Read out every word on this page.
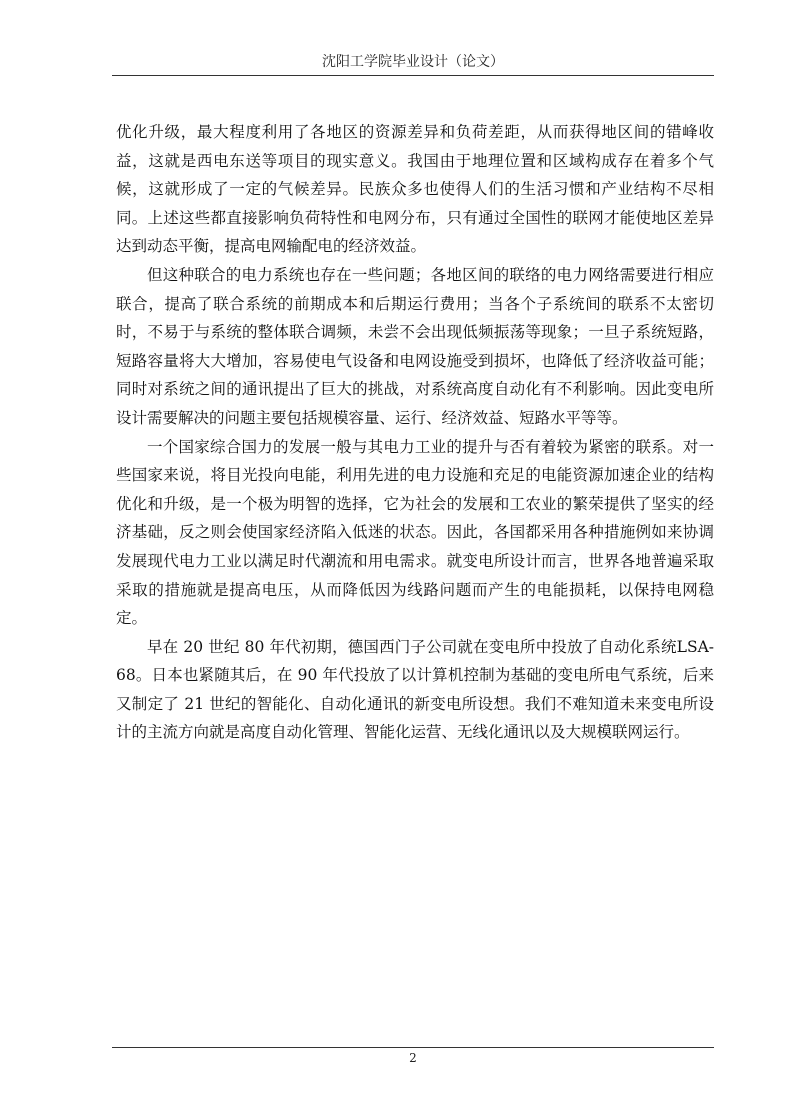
沈阳工学院毕业设计（论文）

优化升级，最大程度利用了各地区的资源差异和负荷差距，从而获得地区间的错峰收益，这就是西电东送等项目的现实意义。我国由于地理位置和区域构成存在着多个气候，这就形成了一定的气候差异。民族众多也使得人们的生活习惯和产业结构不尽相同。上述这些都直接影响负荷特性和电网分布，只有通过全国性的联网才能使地区差异达到动态平衡，提高电网输配电的经济效益。

但这种联合的电力系统也存在一些问题；各地区间的联络的电力网络需要进行相应联合，提高了联合系统的前期成本和后期运行费用；当各个子系统间的联系不太密切时，不易于与系统的整体联合调频，未尝不会出现低频振荡等现象；一旦子系统短路，短路容量将大大增加，容易使电气设备和电网设施受到损坏，也降低了经济收益可能；同时对系统之间的通讯提出了巨大的挑战，对系统高度自动化有不利影响。因此变电所设计需要解决的问题主要包括规模容量、运行、经济效益、短路水平等等。

一个国家综合国力的发展一般与其电力工业的提升与否有着较为紧密的联系。对一些国家来说，将目光投向电能，利用先进的电力设施和充足的电能资源加速企业的结构优化和升级，是一个极为明智的选择，它为社会的发展和工农业的繁荣提供了坚实的经济基础，反之则会使国家经济陷入低迷的状态。因此，各国都采用各种措施例如来协调发展现代电力工业以满足时代潮流和用电需求。就变电所设计而言，世界各地普遍采取采取的措施就是提高电压，从而降低因为线路问题而产生的电能损耗，以保持电网稳定。

早在 20 世纪 80 年代初期，德国西门子公司就在变电所中投放了自动化系统LSA-68。日本也紧随其后，在 90 年代投放了以计算机控制为基础的变电所电气系统，后来又制定了 21 世纪的智能化、自动化通讯的新变电所设想。我们不难知道未来变电所设计的主流方向就是高度自动化管理、智能化运营、无线化通讯以及大规模联网运行。

2
